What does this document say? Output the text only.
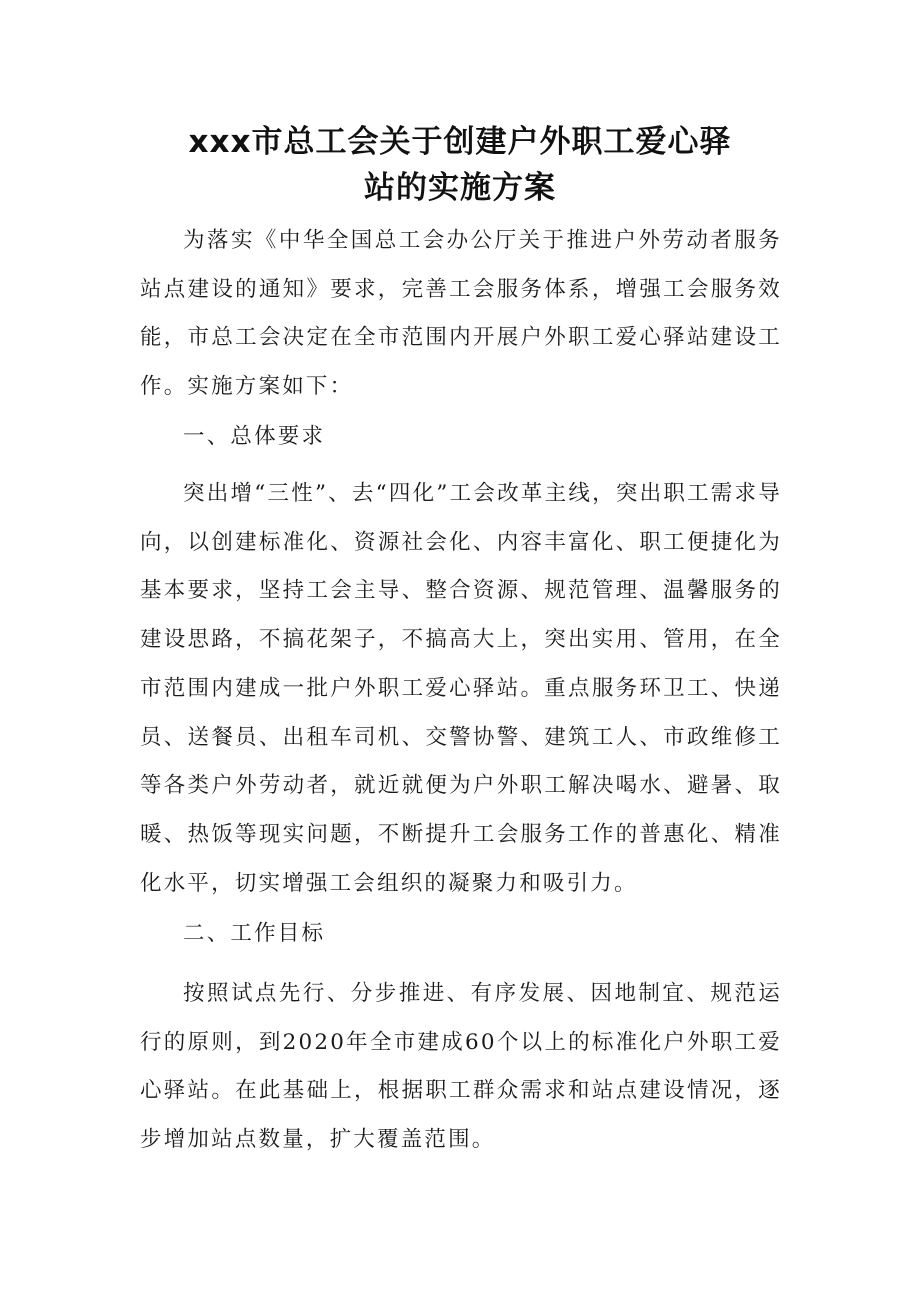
xxx市总工会关于创建户外职工爱心驿
站的实施方案
为落实《中华全国总工会办公厅关于推进户外劳动者服务站点建设的通知》要求，完善工会服务体系，增强工会服务效能，市总工会决定在全市范围内开展户外职工爱心驿站建设工作。实施方案如下：
一、总体要求
突出增“三性”、去“四化”工会改革主线，突出职工需求导向，以创建标准化、资源社会化、内容丰富化、职工便捷化为基本要求，坚持工会主导、整合资源、规范管理、温馨服务的建设思路，不搞花架子，不搞高大上，突出实用、管用，在全市范围内建成一批户外职工爱心驿站。重点服务环卫工、快递员、送餐员、出租车司机、交警协警、建筑工人、市政维修工等各类户外劳动者，就近就便为户外职工解决喝水、避暑、取暖、热饭等现实问题，不断提升工会服务工作的普惠化、精准化水平，切实增强工会组织的凝聚力和吸引力。
二、工作目标
按照试点先行、分步推进、有序发展、因地制宜、规范运行的原则，到2020年全市建成60个以上的标准化户外职工爱心驿站。在此基础上，根据职工群众需求和站点建设情况，逐步增加站点数量，扩大覆盖范围。
